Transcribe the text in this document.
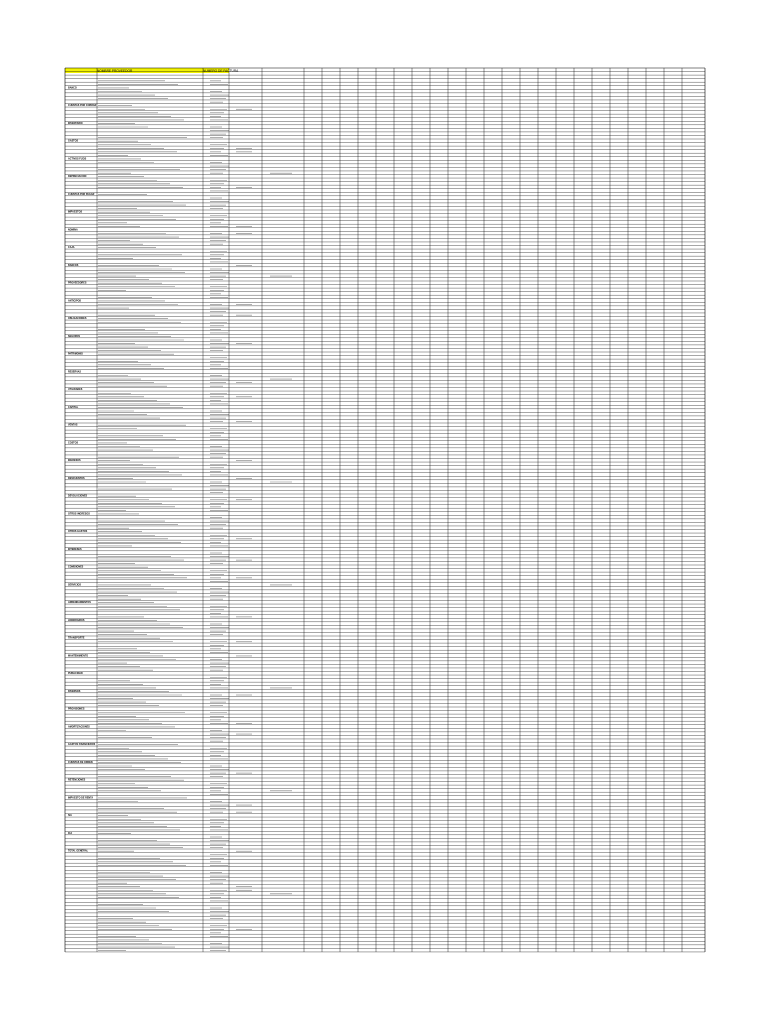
NOMBRE PROVEEDOR	NUMERO DE FACTURA
BANCO
CUENTAS POR COBRAR
INVENTARIO
GASTOS
ACTIVOS FIJOS
DEPRECIACION
CUENTAS POR PAGAR
IMPUESTOS
NOMINA
CAJA
BANCOS
PROVEEDORES
ANTICIPOS
OBLIGACIONES
SEGUROS
PATRIMONIO
RESERVAS
UTILIDADES
CAPITAL
VENTAS
COSTOS
INGRESOS
DESCUENTOS
DEVOLUCIONES
OTROS INGRESOS
OTROS GASTOS
INTERESES
COMISIONES
SERVICIOS
ARRENDAMIENTOS
HONORARIOS
TRANSPORTE
MANTENIMIENTO
PUBLICIDAD
DIVERSOS
PROVISIONES
AMORTIZACIONES
GASTOS FINANCIEROS
CUENTAS DE ORDEN
RETENCIONES
IMPUESTO DE RENTA
IVA
ICA
TOTAL GENERAL
